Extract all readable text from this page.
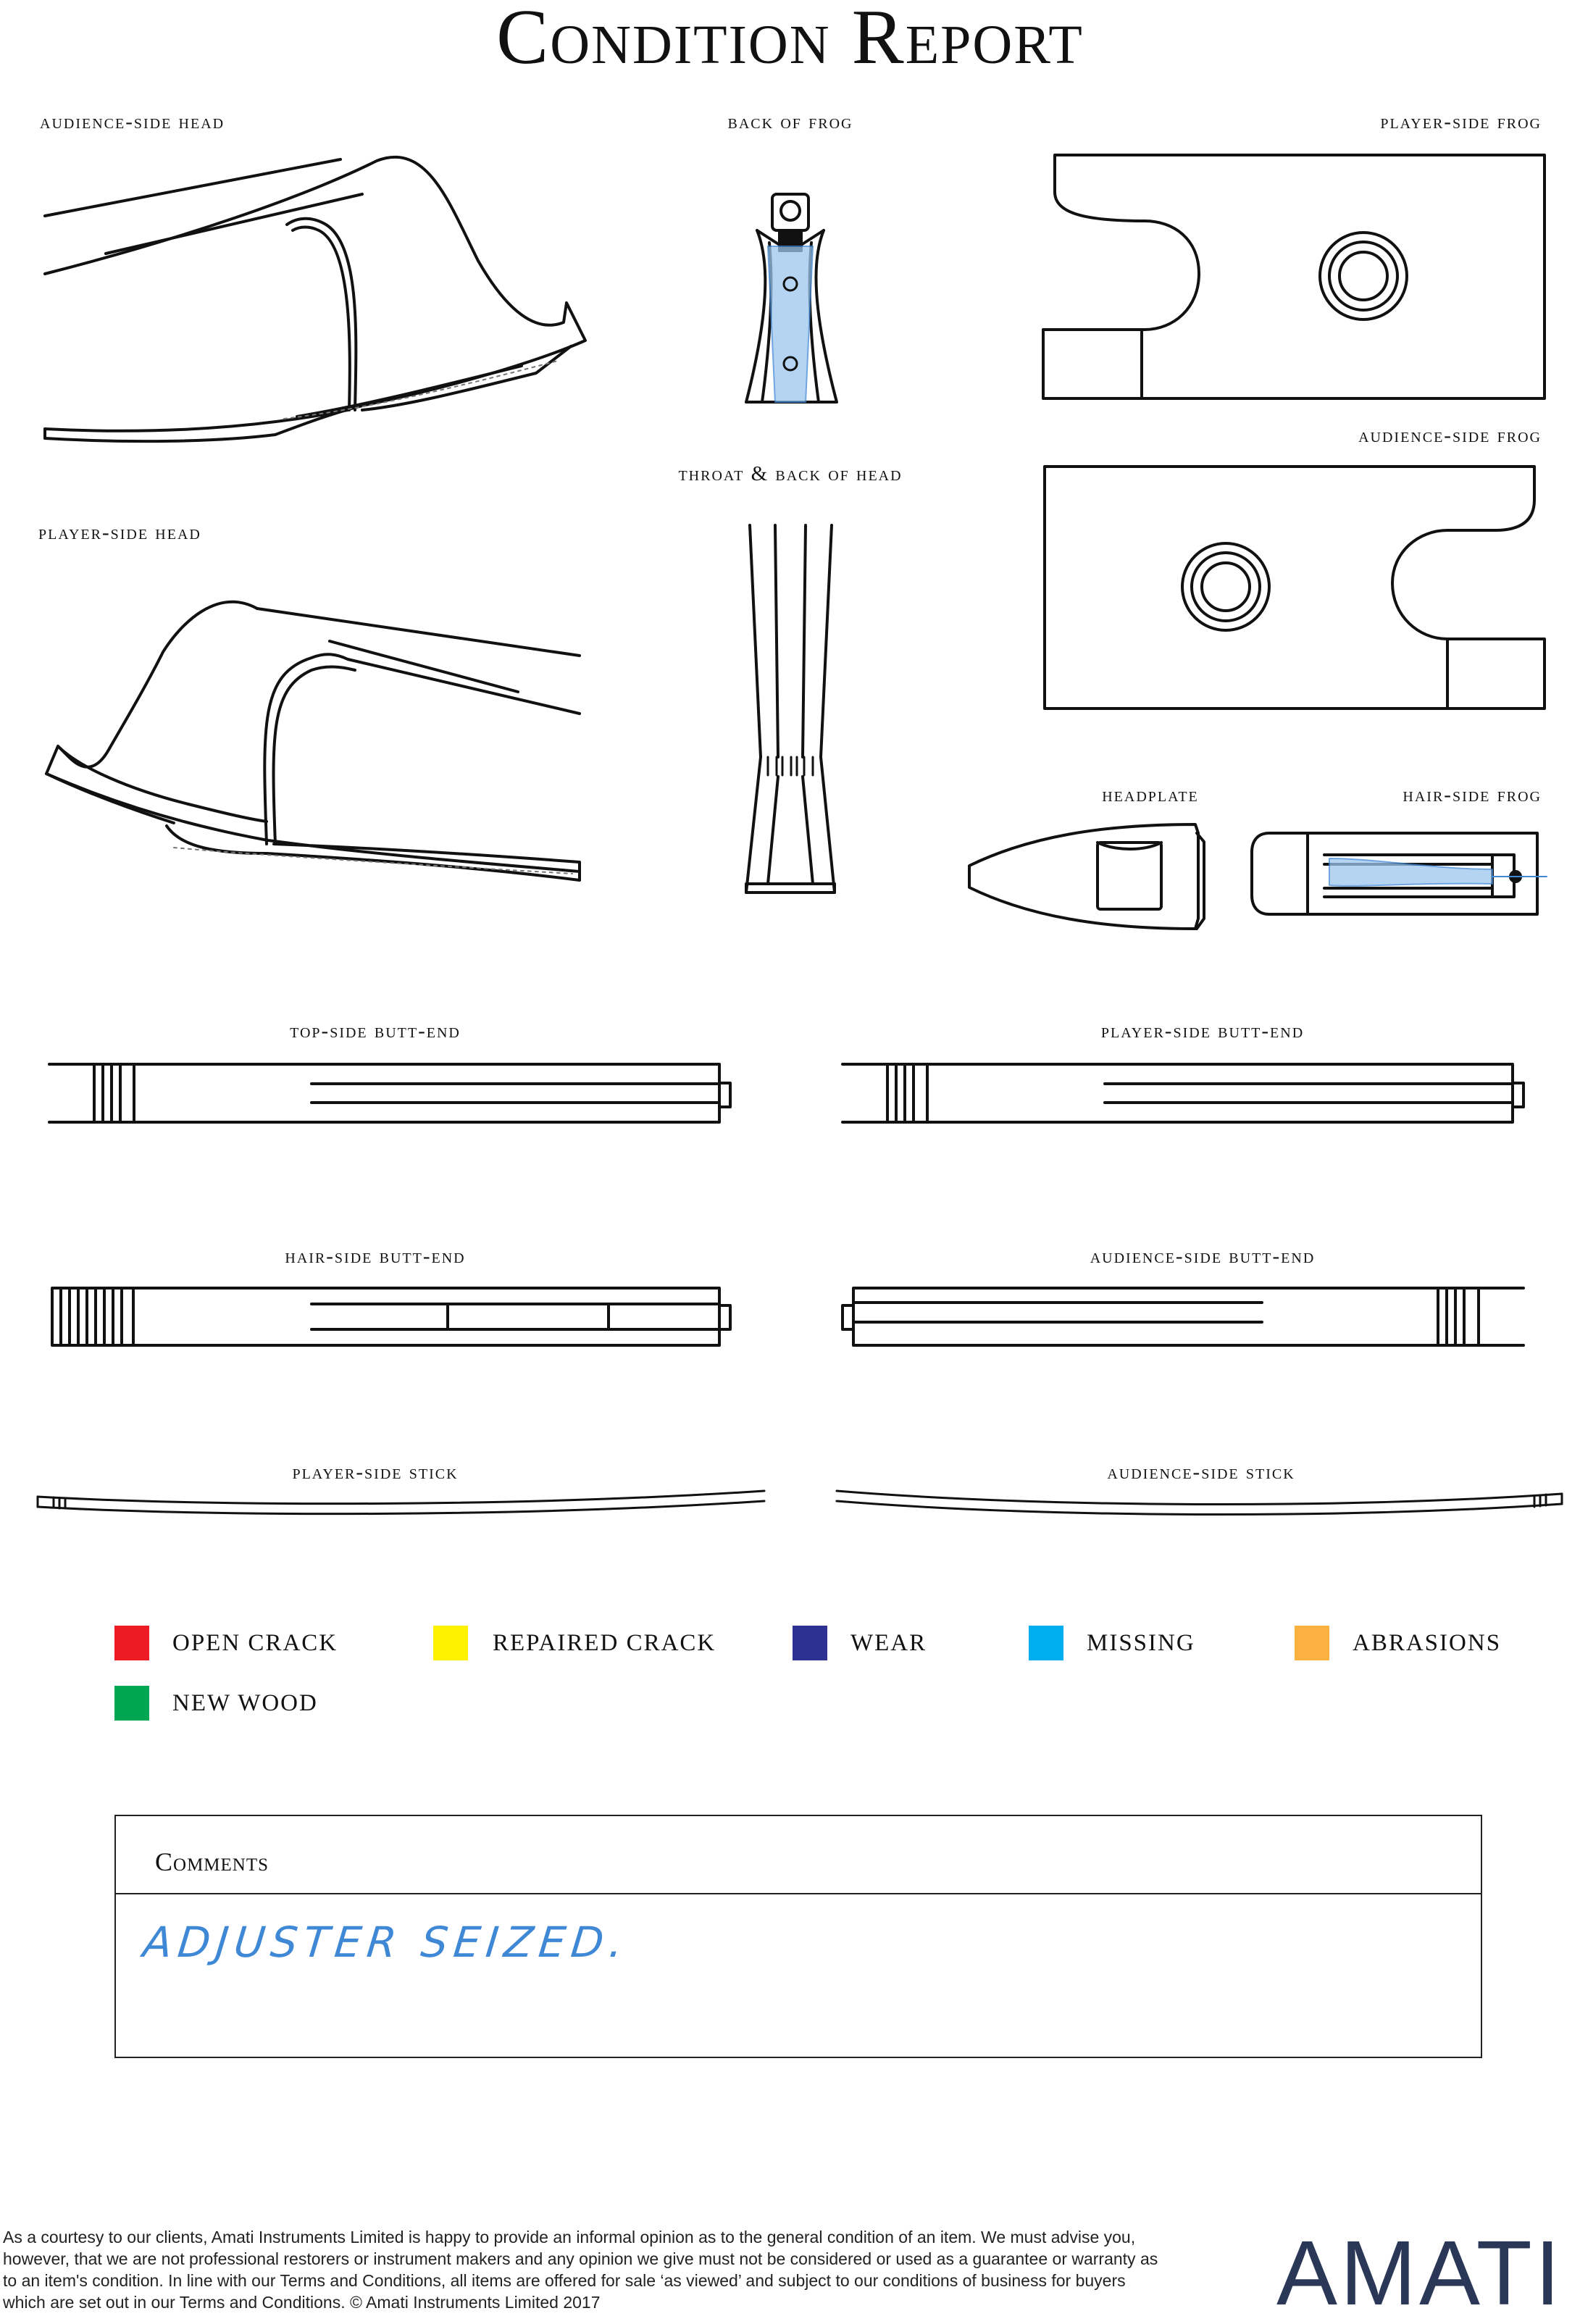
Condition Report
audience-side head	back of frog	player-side frog
audience-side frog
throat & back of head
player-side head
headplate	hair-side frog
top-side butt-end	player-side butt-end
hair-side butt-end	audience-side butt-end
player-side stick	audience-side stick
OPEN CRACK	REPAIRED CRACK	WEAR	MISSING	ABRASIONS
NEW WOOD
Comments
ADJUSTER SEIZED.
As a courtesy to our clients, Amati Instruments Limited is happy to provide an informal opinion as to the general condition of an item. We must advise you, however, that we are not professional restorers or instrument makers and any opinion we give must not be considered or used as a guarantee or warranty as to an item's condition. In line with our Terms and Conditions, all items are offered for sale ‘as viewed’ and subject to our conditions of business for buyers which are set out in our Terms and Conditions. © Amati Instruments Limited 2017	AMATI
